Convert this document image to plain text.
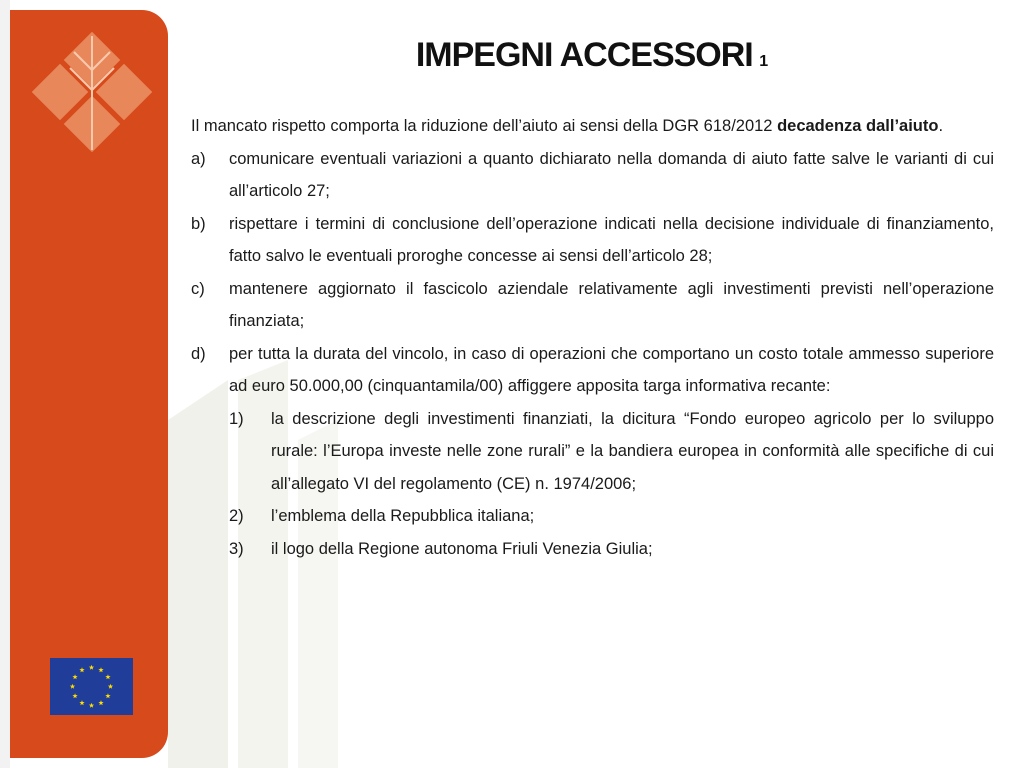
IMPEGNI ACCESSORI 1
Il mancato rispetto comporta la riduzione dell’aiuto ai sensi della DGR 618/2012 decadenza dall’aiuto.
a) comunicare eventuali variazioni a quanto dichiarato nella domanda di aiuto fatte salve le varianti di cui all’articolo 27;
b) rispettare i termini di conclusione dell’operazione indicati nella decisione individuale di finanziamento, fatto salvo le eventuali proroghe concesse ai sensi dell’articolo 28;
c) mantenere aggiornato il fascicolo aziendale relativamente agli investimenti previsti nell’operazione finanziata;
d) per tutta la durata del vincolo, in caso di operazioni che comportano un costo totale ammesso superiore ad euro 50.000,00 (cinquantamila/00) affiggere apposita targa informativa recante:
1) la descrizione degli investimenti finanziati, la dicitura “Fondo europeo agricolo per lo sviluppo rurale: l’Europa investe nelle zone rurali” e la bandiera europea in conformità alle specifiche di cui all’allegato VI del regolamento (CE) n. 1974/2006;
2) l’emblema della Repubblica italiana;
3) il logo della Regione autonoma Friuli Venezia Giulia;
